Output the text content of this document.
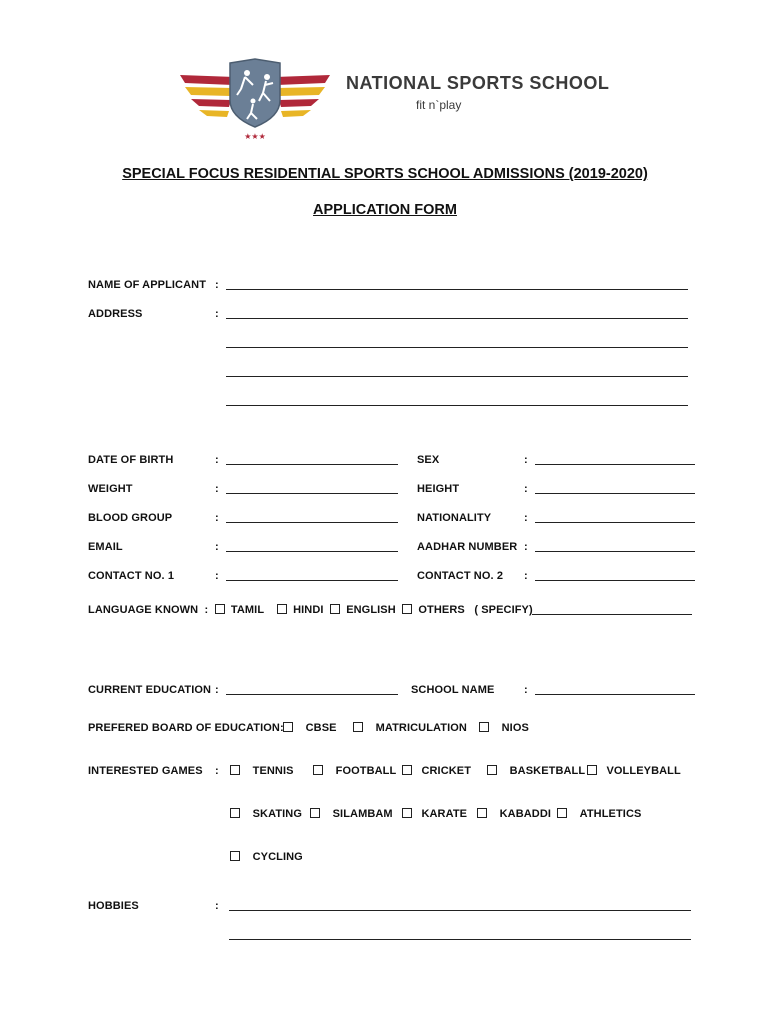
★★★
NATIONAL SPORTS SCHOOL
fit n`play
SPECIAL FOCUS RESIDENTIAL SPORTS SCHOOL ADMISSIONS (2019-2020)
APPLICATION FORM
NAME OF APPLICANT :
ADDRESS	:
DATE OF BIRTH	:	SEX	:
WEIGHT	:	HEIGHT	:
BLOOD GROUP	:	NATIONALITY	:
EMAIL	:	AADHAR NUMBER :
CONTACT NO. 1	:	CONTACT NO. 2 :
LANGUAGE KNOWN  :    TAMIL	HINDI ENGLISH OTHERS ( SPECIFY)
CURRENT EDUCATION :	SCHOOL NAME	:
PREFERED BOARD OF EDUCATION:	CBSE	MATRICULATION	NIOS
INTERESTED GAMES :	TENNIS	FOOTBALL	CRICKET	BASKETBALL	VOLLEYBALL
SKATING	SILAMBAM	KARATE	KABADDI	ATHLETICS
CYCLING
HOBBIES	:
